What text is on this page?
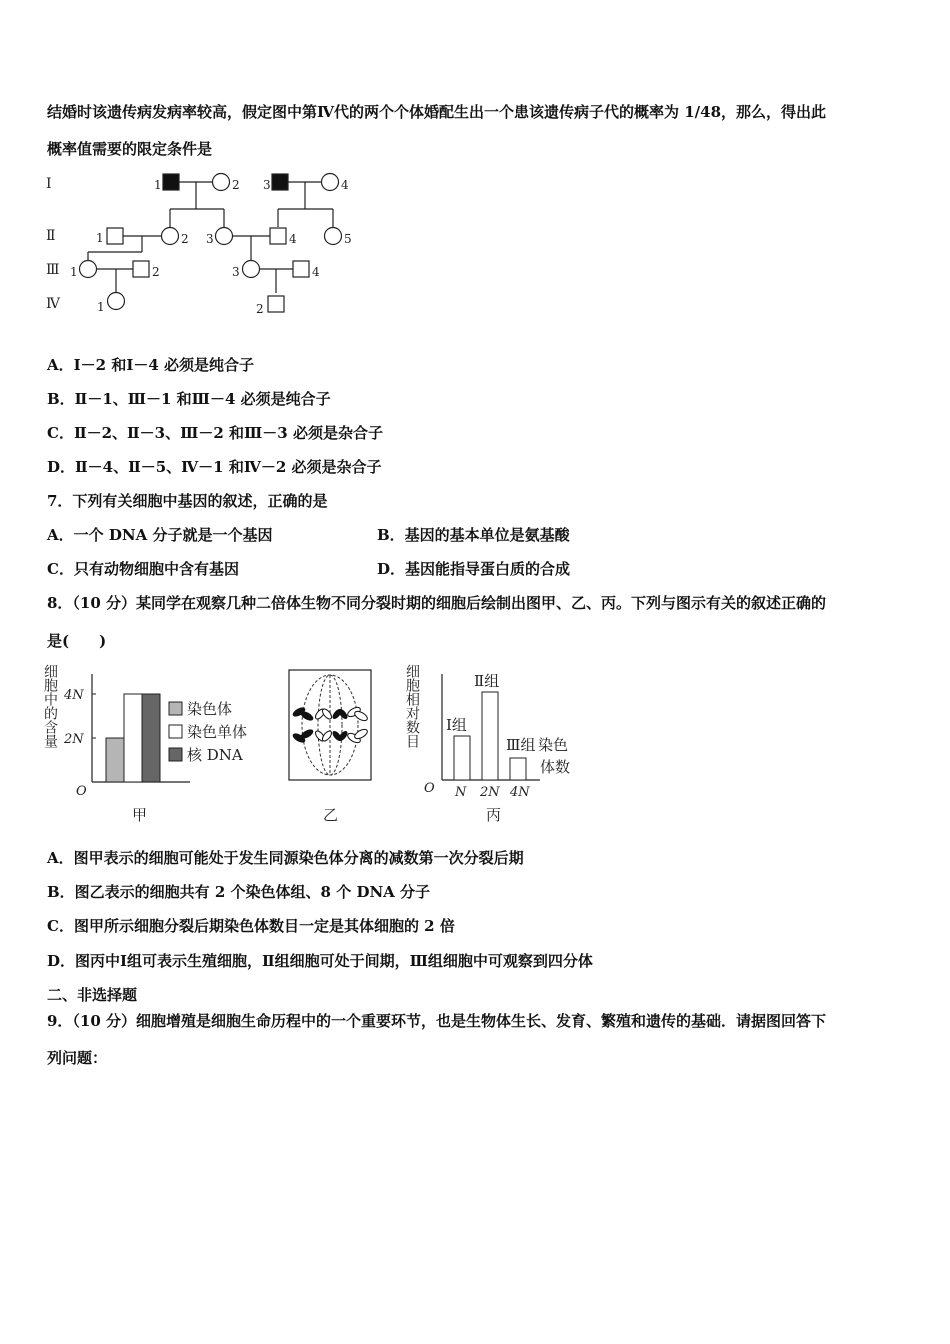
结婚时该遗传病发病率较高，假定图中第Ⅳ代的两个个体婚配生出一个患该遗传病子代的概率为 1/48，那么，得出此
概率值需要的限定条件是
Ⅰ
Ⅱ
Ⅲ
Ⅳ
1	2 3	4
1	2 3	4	5
1	2	3	4
1	2
A．Ⅰ－2 和Ⅰ－4 必须是纯合子
B．Ⅱ－1、Ⅲ－1 和Ⅲ－4 必须是纯合子
C．Ⅱ－2、Ⅱ－3、Ⅲ－2 和Ⅲ－3 必须是杂合子
D．Ⅱ－4、Ⅱ－5、Ⅳ－1 和Ⅳ－2 必须是杂合子
7．下列有关细胞中基因的叙述，正确的是
A．一个 DNA 分子就是一个基因	B．基因的基本单位是氨基酸
C．只有动物细胞中含有基因	D．基因能指导蛋白质的合成
8．（10 分）某同学在观察几种二倍体生物不同分裂时期的细胞后绘制出图甲、乙、丙。下列与图示有关的叙述正确的
是(　　)
细胞中的含量 4N
2N
O
染色体
染色单体
核 DNA
甲	乙
细胞相对数目
O
Ⅰ组
Ⅱ组
Ⅲ组 染色
体数
N 2N 4N
丙
A．图甲表示的细胞可能处于发生同源染色体分离的减数第一次分裂后期
B．图乙表示的细胞共有 2 个染色体组、8 个 DNA 分子
C．图甲所示细胞分裂后期染色体数目一定是其体细胞的 2 倍
D．图丙中Ⅰ组可表示生殖细胞，Ⅱ组细胞可处于间期，Ⅲ组细胞中可观察到四分体
二、非选择题
9．（10 分）细胞增殖是细胞生命历程中的一个重要环节，也是生物体生长、发育、繁殖和遗传的基础．请据图回答下
列问题：
